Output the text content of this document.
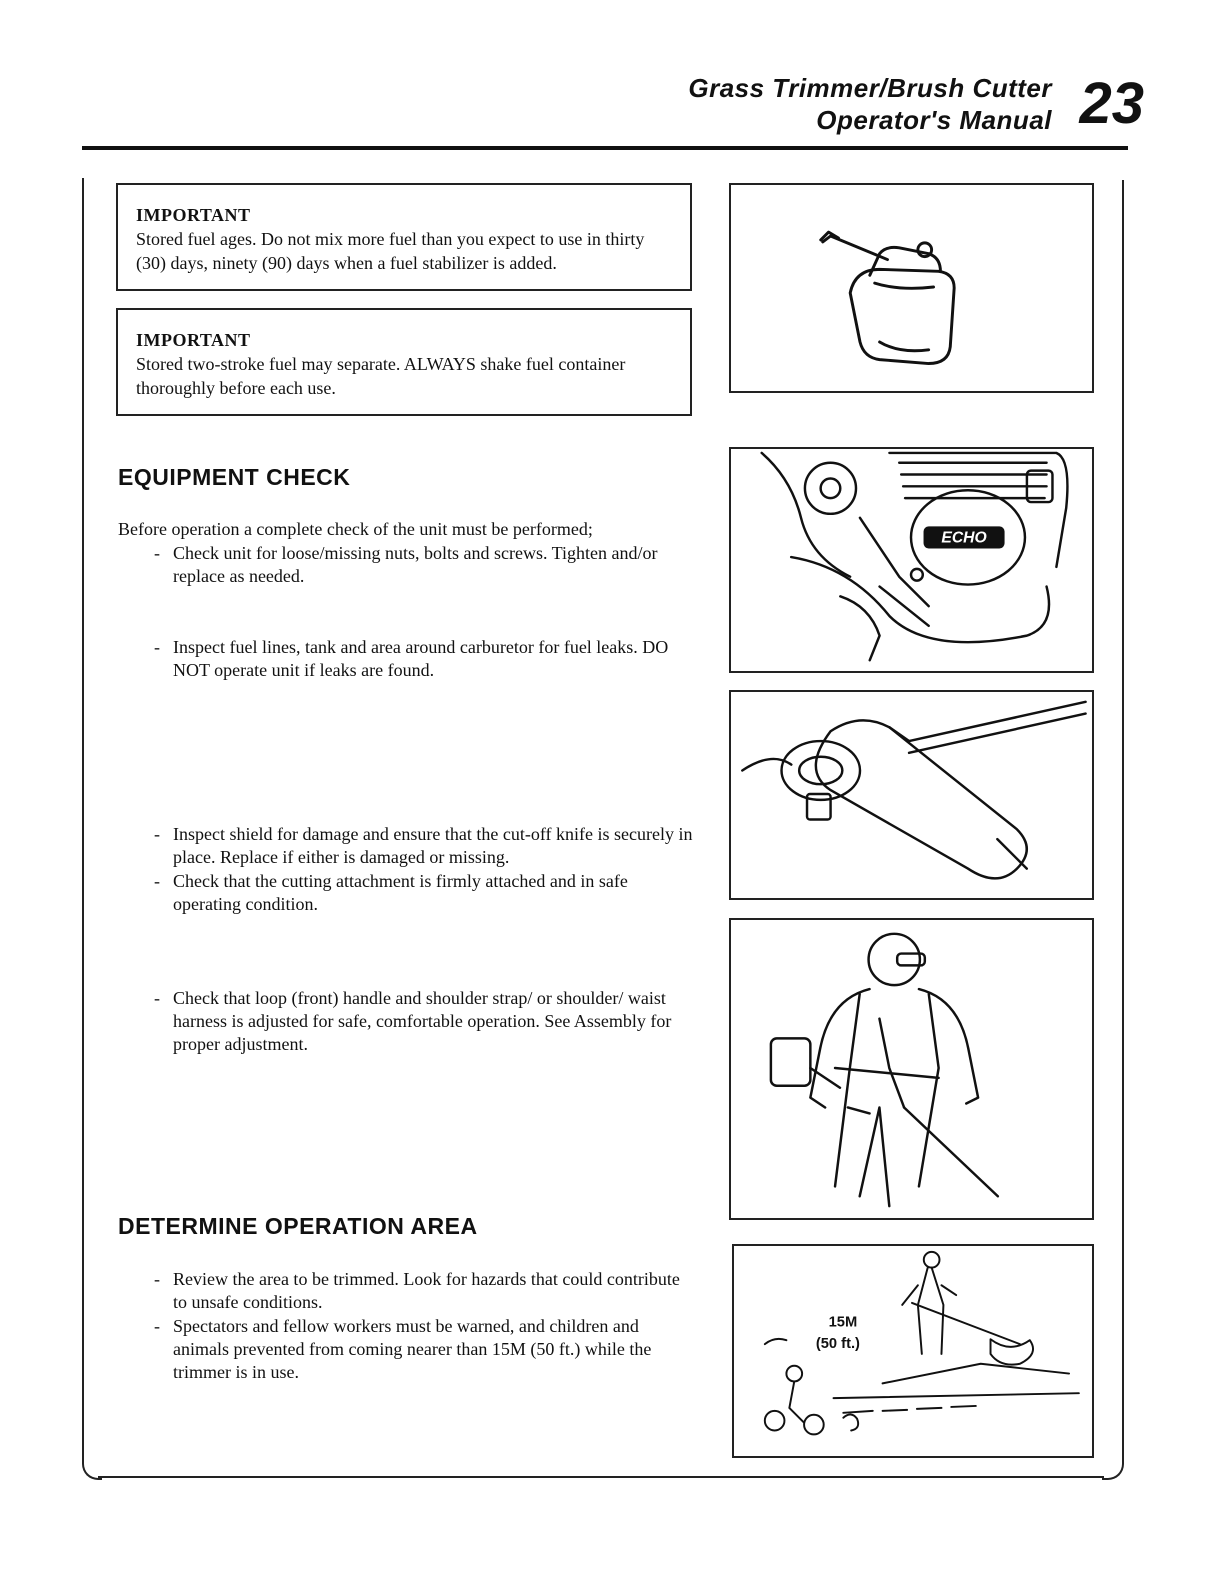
Grass Trimmer/Brush Cutter
Operator's Manual 23
IMPORTANT
Stored fuel ages. Do not mix more fuel than you expect to use in thirty (30) days, ninety (90) days when a fuel stabilizer is added.
IMPORTANT
Stored two-stroke fuel may separate. ALWAYS shake fuel container thoroughly before each use.
EQUIPMENT CHECK
Before operation a complete check of the unit must be performed;
- Check unit for loose/missing nuts, bolts and screws. Tighten and/or replace as needed.
- Inspect fuel lines, tank and area around carburetor for fuel leaks. DO NOT operate unit if leaks are found.
- Inspect shield for damage and ensure that the cut-off knife is securely in place. Replace if either is damaged or missing.
- Check that the cutting attachment is firmly attached and in safe operating condition.
- Check that loop (front) handle and shoulder strap/ or shoulder/ waist harness is adjusted for safe, comfortable operation. See Assembly for proper adjustment.
DETERMINE OPERATION AREA
- Review the area to be trimmed. Look for hazards that could contribute to unsafe conditions.
- Spectators and fellow workers must be warned, and children and animals prevented from coming nearer than 15M (50 ft.) while the trimmer is in use.
ECHO
15M
(50 ft.)
